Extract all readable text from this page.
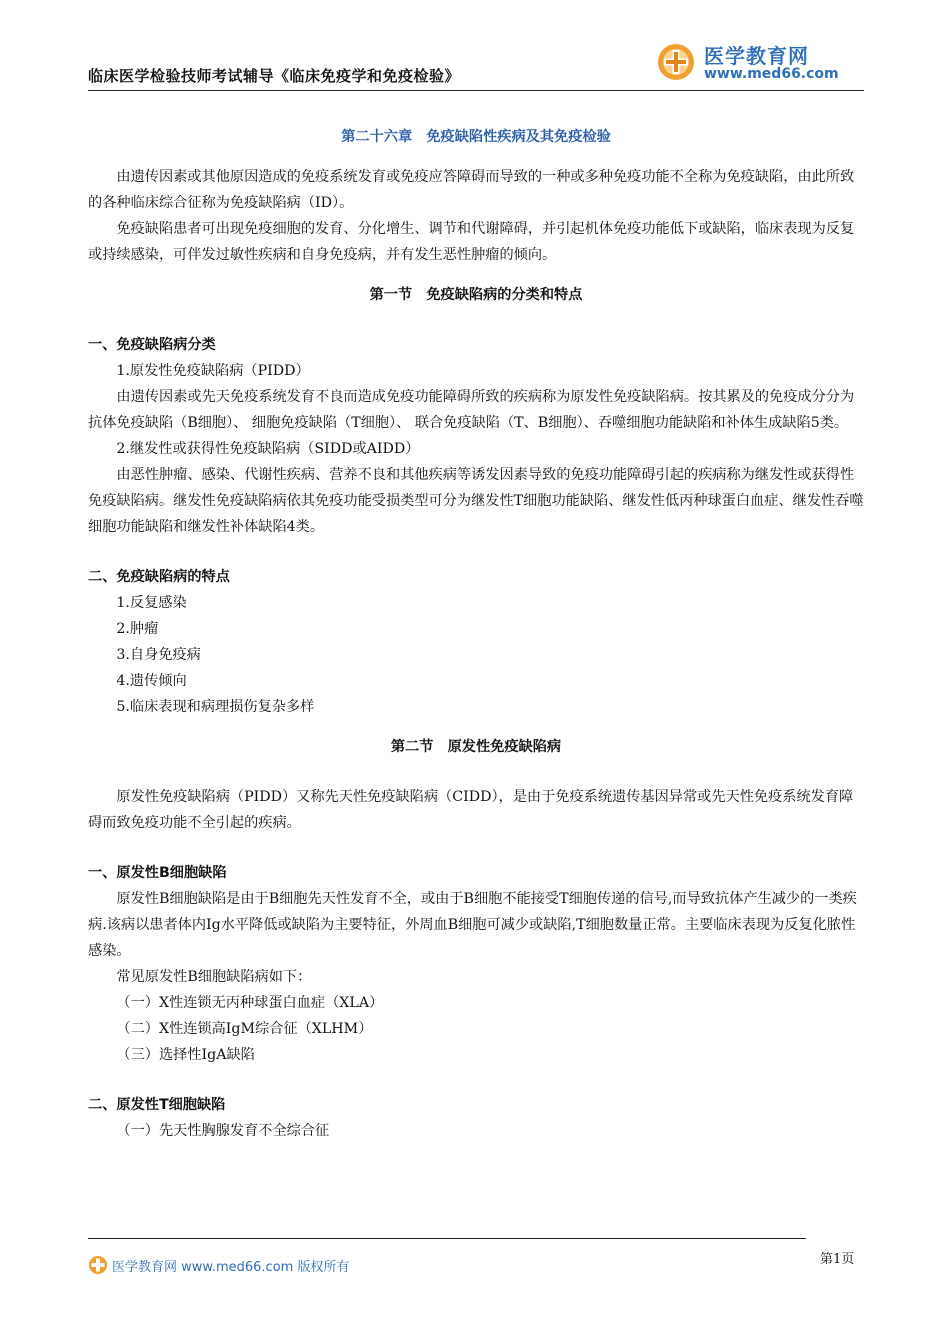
临床医学检验技师考试辅导《临床免疫学和免疫检验》
医学教育网
www.med66.com

第二十六章　免疫缺陷性疾病及其免疫检验

由遗传因素或其他原因造成的免疫系统发育或免疫应答障碍而导致的一种或多种免疫功能不全称为免疫缺陷，由此所致的各种临床综合征称为免疫缺陷病（ID）。

免疫缺陷患者可出现免疫细胞的发育、分化增生、调节和代谢障碍，并引起机体免疫功能低下或缺陷，临床表现为反复或持续感染，可伴发过敏性疾病和自身免疫病，并有发生恶性肿瘤的倾向。

第一节　免疫缺陷病的分类和特点

一、免疫缺陷病分类

1.原发性免疫缺陷病（PIDD）

由遗传因素或先天免疫系统发育不良而造成免疫功能障碍所致的疾病称为原发性免疫缺陷病。按其累及的免疫成分分为抗体免疫缺陷（B细胞）、 细胞免疫缺陷（T细胞）、 联合免疫缺陷（T、B细胞）、吞噬细胞功能缺陷和补体生成缺陷5类。

2.继发性或获得性免疫缺陷病（SIDD或AIDD）

由恶性肿瘤、感染、代谢性疾病、营养不良和其他疾病等诱发因素导致的免疫功能障碍引起的疾病称为继发性或获得性免疫缺陷病。继发性免疫缺陷病依其免疫功能受损类型可分为继发性T细胞功能缺陷、继发性低丙种球蛋白血症、继发性吞噬细胞功能缺陷和继发性补体缺陷4类。

二、免疫缺陷病的特点

1.反复感染

2.肿瘤

3.自身免疫病

4.遗传倾向

5.临床表现和病理损伤复杂多样

第二节　原发性免疫缺陷病

原发性免疫缺陷病（PIDD）又称先天性免疫缺陷病（CIDD），是由于免疫系统遗传基因异常或先天性免疫系统发育障碍而致免疫功能不全引起的疾病。

一、原发性B细胞缺陷

原发性B细胞缺陷是由于B细胞先天性发育不全，或由于B细胞不能接受T细胞传递的信号,而导致抗体产生减少的一类疾病.该病以患者体内Ig水平降低或缺陷为主要特征，外周血B细胞可减少或缺陷,T细胞数量正常。主要临床表现为反复化脓性感染。

常见原发性B细胞缺陷病如下：

（一）X性连锁无丙种球蛋白血症（XLA）

（二）X性连锁高IgM综合征（XLHM）

（三）选择性IgA缺陷

二、原发性T细胞缺陷

（一）先天性胸腺发育不全综合征

医学教育网 www.med66.com 版权所有
第1页
